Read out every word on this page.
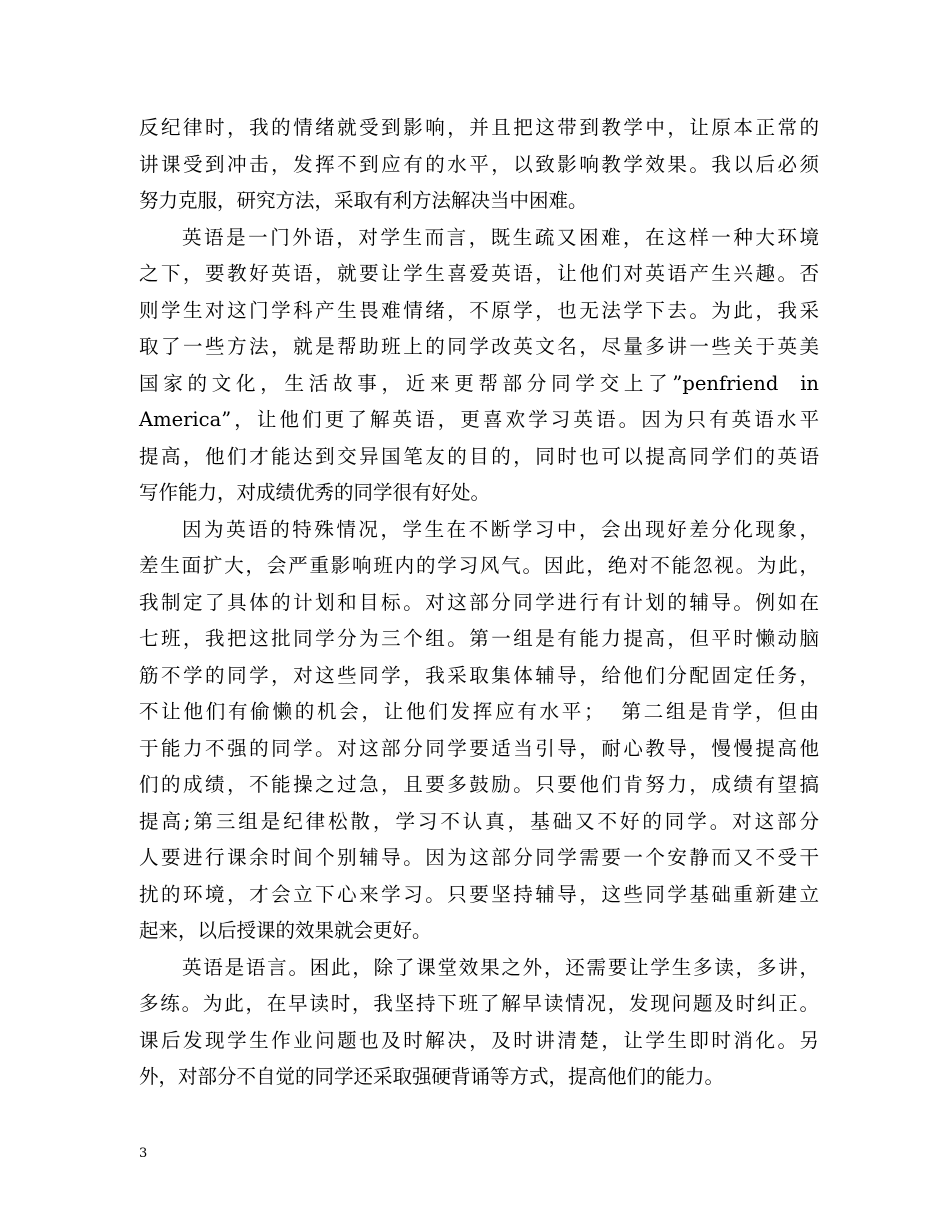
反纪律时，我的情绪就受到影响，并且把这带到教学中，让原本正常的
讲课受到冲击，发挥不到应有的水平，以致影响教学效果。我以后必须
努力克服，研究方法，采取有利方法解决当中困难。
英语是一门外语，对学生而言，既生疏又困难，在这样一种大环境
之下，要教好英语，就要让学生喜爱英语，让他们对英语产生兴趣。否
则学生对这门学科产生畏难情绪，不原学，也无法学下去。为此，我采
取了一些方法，就是帮助班上的同学改英文名，尽量多讲一些关于英美
国家的文化，生活故事，近来更帮部分同学交上了”penfriend  in
America”，让他们更了解英语，更喜欢学习英语。因为只有英语水平
提高，他们才能达到交异国笔友的目的，同时也可以提高同学们的英语
写作能力，对成绩优秀的同学很有好处。
因为英语的特殊情况，学生在不断学习中，会出现好差分化现象，
差生面扩大，会严重影响班内的学习风气。因此，绝对不能忽视。为此，
我制定了具体的计划和目标。对这部分同学进行有计划的辅导。例如在
七班，我把这批同学分为三个组。第一组是有能力提高，但平时懒动脑
筋不学的同学，对这些同学，我采取集体辅导，给他们分配固定任务，
不让他们有偷懒的机会，让他们发挥应有水平；  第二组是肯学，但由
于能力不强的同学。对这部分同学要适当引导，耐心教导，慢慢提高他
们的成绩，不能操之过急，且要多鼓励。只要他们肯努力，成绩有望搞
提高;第三组是纪律松散，学习不认真，基础又不好的同学。对这部分
人要进行课余时间个别辅导。因为这部分同学需要一个安静而又不受干
扰的环境，才会立下心来学习。只要坚持辅导，这些同学基础重新建立
起来，以后授课的效果就会更好。
英语是语言。困此，除了课堂效果之外，还需要让学生多读，多讲，
多练。为此，在早读时，我坚持下班了解早读情况，发现问题及时纠正。
课后发现学生作业问题也及时解决，及时讲清楚，让学生即时消化。另
外，对部分不自觉的同学还采取强硬背诵等方式，提高他们的能力。
3
